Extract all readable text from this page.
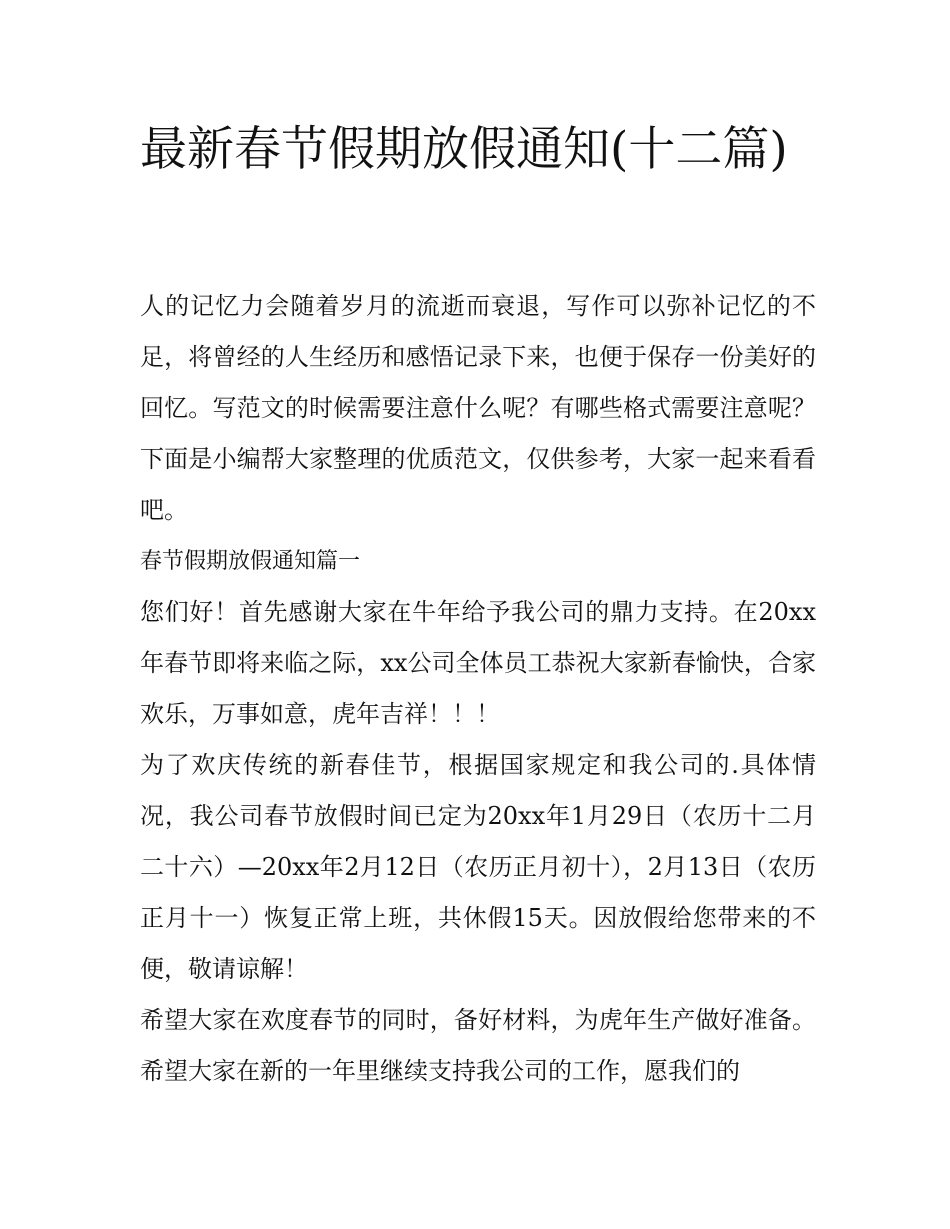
最新春节假期放假通知(十二篇)

人的记忆力会随着岁月的流逝而衰退，写作可以弥补记忆的不足，将曾经的人生经历和感悟记录下来，也便于保存一份美好的回忆。写范文的时候需要注意什么呢？有哪些格式需要注意呢？下面是小编帮大家整理的优质范文，仅供参考，大家一起来看看吧。

春节假期放假通知篇一

您们好！首先感谢大家在牛年给予我公司的鼎力支持。在20xx年春节即将来临之际，xx公司全体员工恭祝大家新春愉快，合家欢乐，万事如意，虎年吉祥！！！

为了欢庆传统的新春佳节，根据国家规定和我公司的.具体情况，我公司春节放假时间已定为20xx年1月29日（农历十二月二十六）—20xx年2月12日（农历正月初十），2月13日（农历正月十一）恢复正常上班，共休假15天。因放假给您带来的不便，敬请谅解！

希望大家在欢度春节的同时，备好材料，为虎年生产做好准备。希望大家在新的一年里继续支持我公司的工作，愿我们的
